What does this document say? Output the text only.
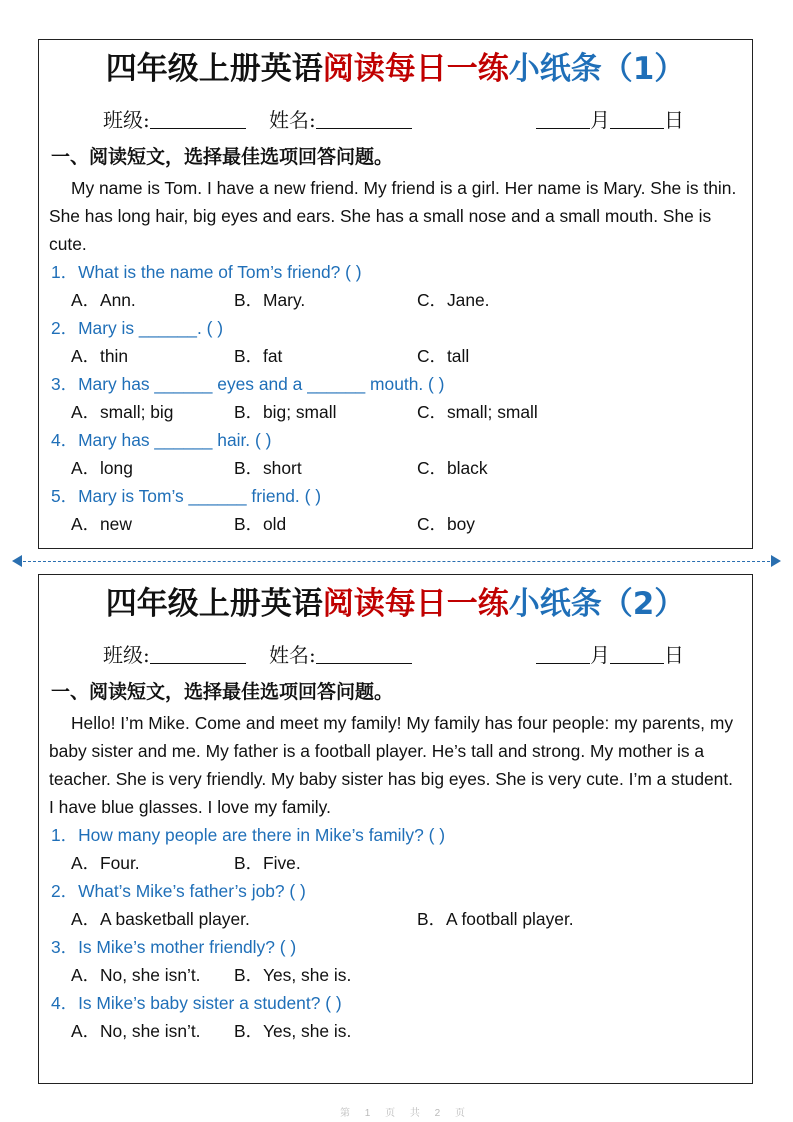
四年级上册英语阅读每日一练小纸条（1）
班级:	姓名:	月	日
一、阅读短文，选择最佳选项回答问题。

My name is Tom. I have a new friend. My friend is a girl. Her name is Mary. She is thin. She has long hair, big eyes and ears. She has a small nose and a small mouth. She is cute.

1．What is the name of Tom’s friend? ( )
A．Ann.	B．Mary.	C．Jane.
2．Mary is ______. ( )
A．thin	B．fat	C．tall
3．Mary has ______ eyes and a ______ mouth. ( )
A．small; big	B．big; small	C．small; small
4．Mary has ______ hair. ( )
A．long	B．short	C．black
5．Mary is Tom’s ______ friend. ( )
A．new	B．old	C．boy
四年级上册英语阅读每日一练小纸条（2）
班级:	姓名:	月	日
一、阅读短文，选择最佳选项回答问题。

Hello! I’m Mike. Come and meet my family! My family has four people: my parents, my baby sister and me. My father is a football player. He’s tall and strong. My mother is a teacher. She is very friendly. My baby sister has big eyes. She is very cute. I’m a student. I have blue glasses. I love my family.

1．How many people are there in Mike’s family? ( )
A．Four.	B．Five.
2．What’s Mike’s father’s job? ( )
A．A basketball player.	B．A football player.
3．Is Mike’s mother friendly? ( )
A．No, she isn’t. B．Yes, she is.
4．Is Mike’s baby sister a student? ( )
A．No, she isn’t. B．Yes, she is.
第 1 页 共 2 页
